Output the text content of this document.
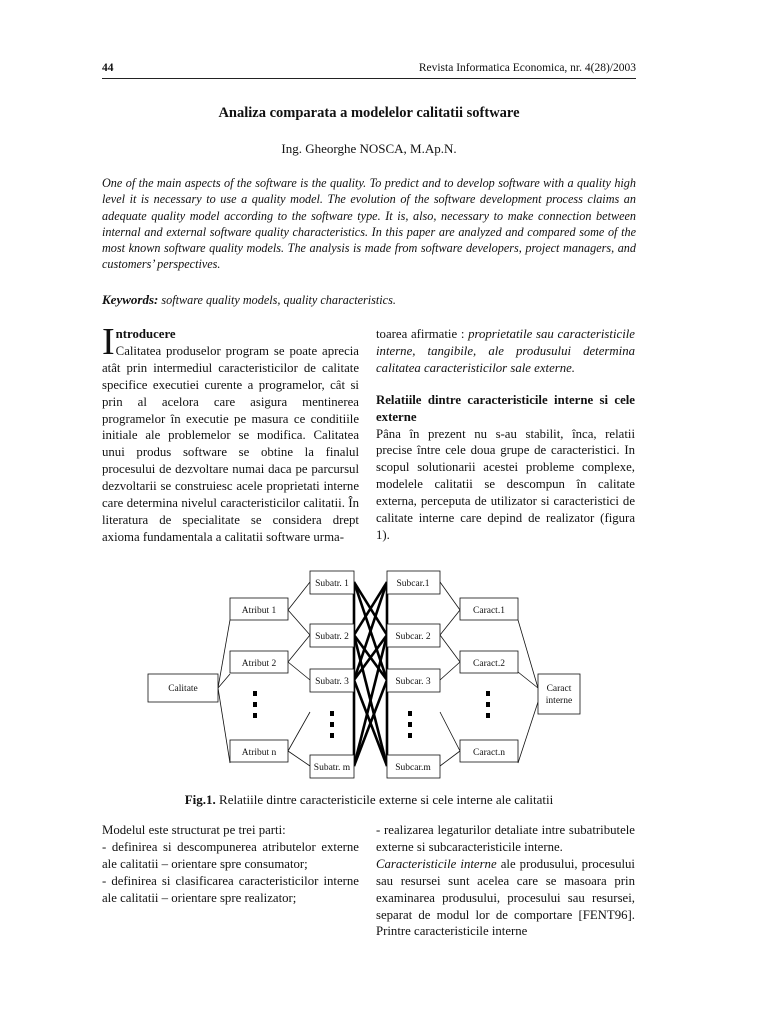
44	Revista Informatica Economica, nr. 4(28)/2003
Analiza comparata a modelelor calitatii software
Ing. Gheorghe NOSCA, M.Ap.N.

One of the main aspects of the software is the quality. To predict and to develop software with a quality high level it is necessary to use a quality model. The evolution of the software development process claims an adequate quality model according to the software type. It is, also, necessary to make connection between internal and external software quality characteristics. In this paper are analyzed and compared some of the most known software quality models. The analysis is made from software developers, project managers, and customers’ perspectives.

Keywords: software quality models, quality characteristics.

I ntroducere
Calitatea produselor program se poate aprecia atât prin intermediul caracteristicilor de calitate specifice executiei curente a programelor, cât si prin al acelora care asigura mentinerea programelor în executie pe masura ce conditiile initiale ale problemelor se modifica. Calitatea unui produs software se obtine la finalul procesului de dezvoltare numai daca pe parcursul dezvoltarii se construiesc acele proprietati interne care determina nivelul caracteristicilor calitatii. În literatura de specialitate se considera drept axioma fundamentala a calitatii software urma-

toarea afirmatie : proprietatile sau caracteristicile interne, tangibile, ale produsului determina calitatea caracteristicilor sale externe.

Relatiile dintre caracteristicile interne si cele externe

Pâna în prezent nu s-au stabilit, înca, relatii precise între cele doua grupe de caracteristici. In scopul solutionarii acestei probleme complexe, modelele calitatii se descompun în calitate externa, perceputa de utilizator si caracteristici de calitate interne care depind de realizator (figura 1).

Calitate
Atribut 1
Atribut 2
Atribut n
Subatr. 1
Subatr. 2
Subatr. 3
Subatr. m
Subcar.1
Subcar. 2
Subcar. 3
Subcar.m
Caract.1
Caract.2
Caract.n
Caract
interne
Fig.1. Relatiile dintre caracteristicile externe si cele interne ale calitatii

Modelul este structurat pe trei parti:

- definirea si descompunerea atributelor externe ale calitatii – orientare spre consumator;

- definirea si clasificarea caracteristicilor interne ale calitatii – orientare spre realizator;

- realizarea legaturilor detaliate intre subatributele externe si subcaracteristicile interne.

Caracteristicile interne ale produsului, procesului sau resursei sunt acelea care se masoara prin examinarea produsului, procesului sau resursei, separat de modul lor de comportare [FENT96]. Printre caracteristicile interne
